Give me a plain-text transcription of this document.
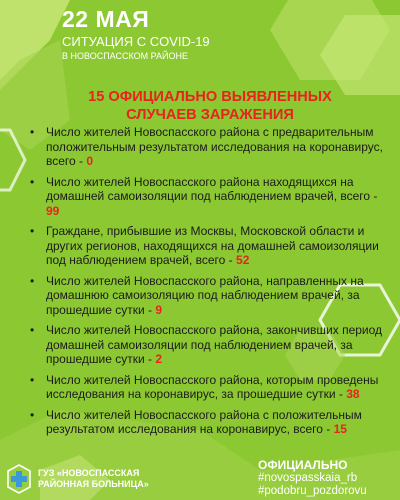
22 МАЯ
СИТУАЦИЯ С COVID-19
В НОВОСПАССКОМ РАЙОНЕ
15 ОФИЦИАЛЬНО ВЫЯВЛЕННЫХ
СЛУЧАЕВ ЗАРАЖЕНИЯ
• Число жителей Новоспасского района с предварительным положительным результатом исследования на коронавирус, всего - 0
• Число жителей Новоспасского района находящихся на домашней самоизоляции под наблюдением врачей, всего - 99
• Граждане, прибывшие из Москвы, Московской области и других регионов, находящихся на домашней самоизоляции под наблюдением врачей, всего - 52
• Число жителей Новоспасского района, направленных на домашнюю самоизоляцию под наблюдением врачей, за прошедшие сутки - 9
• Число жителей Новоспасского района, закончивших период домашней самоизоляции под наблюдением врачей, за прошедшие сутки - 2
• Число жителей Новоспасского района, которым проведены исследования на коронавирус, за прошедшие сутки - 38
• Число жителей Новоспасского района с положительным результатом исследования на коронавирус, всего - 15
ГУЗ «НОВОСПАССКАЯ
РАЙОННАЯ БОЛЬНИЦА»
ОФИЦИАЛЬНО
#novospasskaia_rb
#podobru_pozdorovu
